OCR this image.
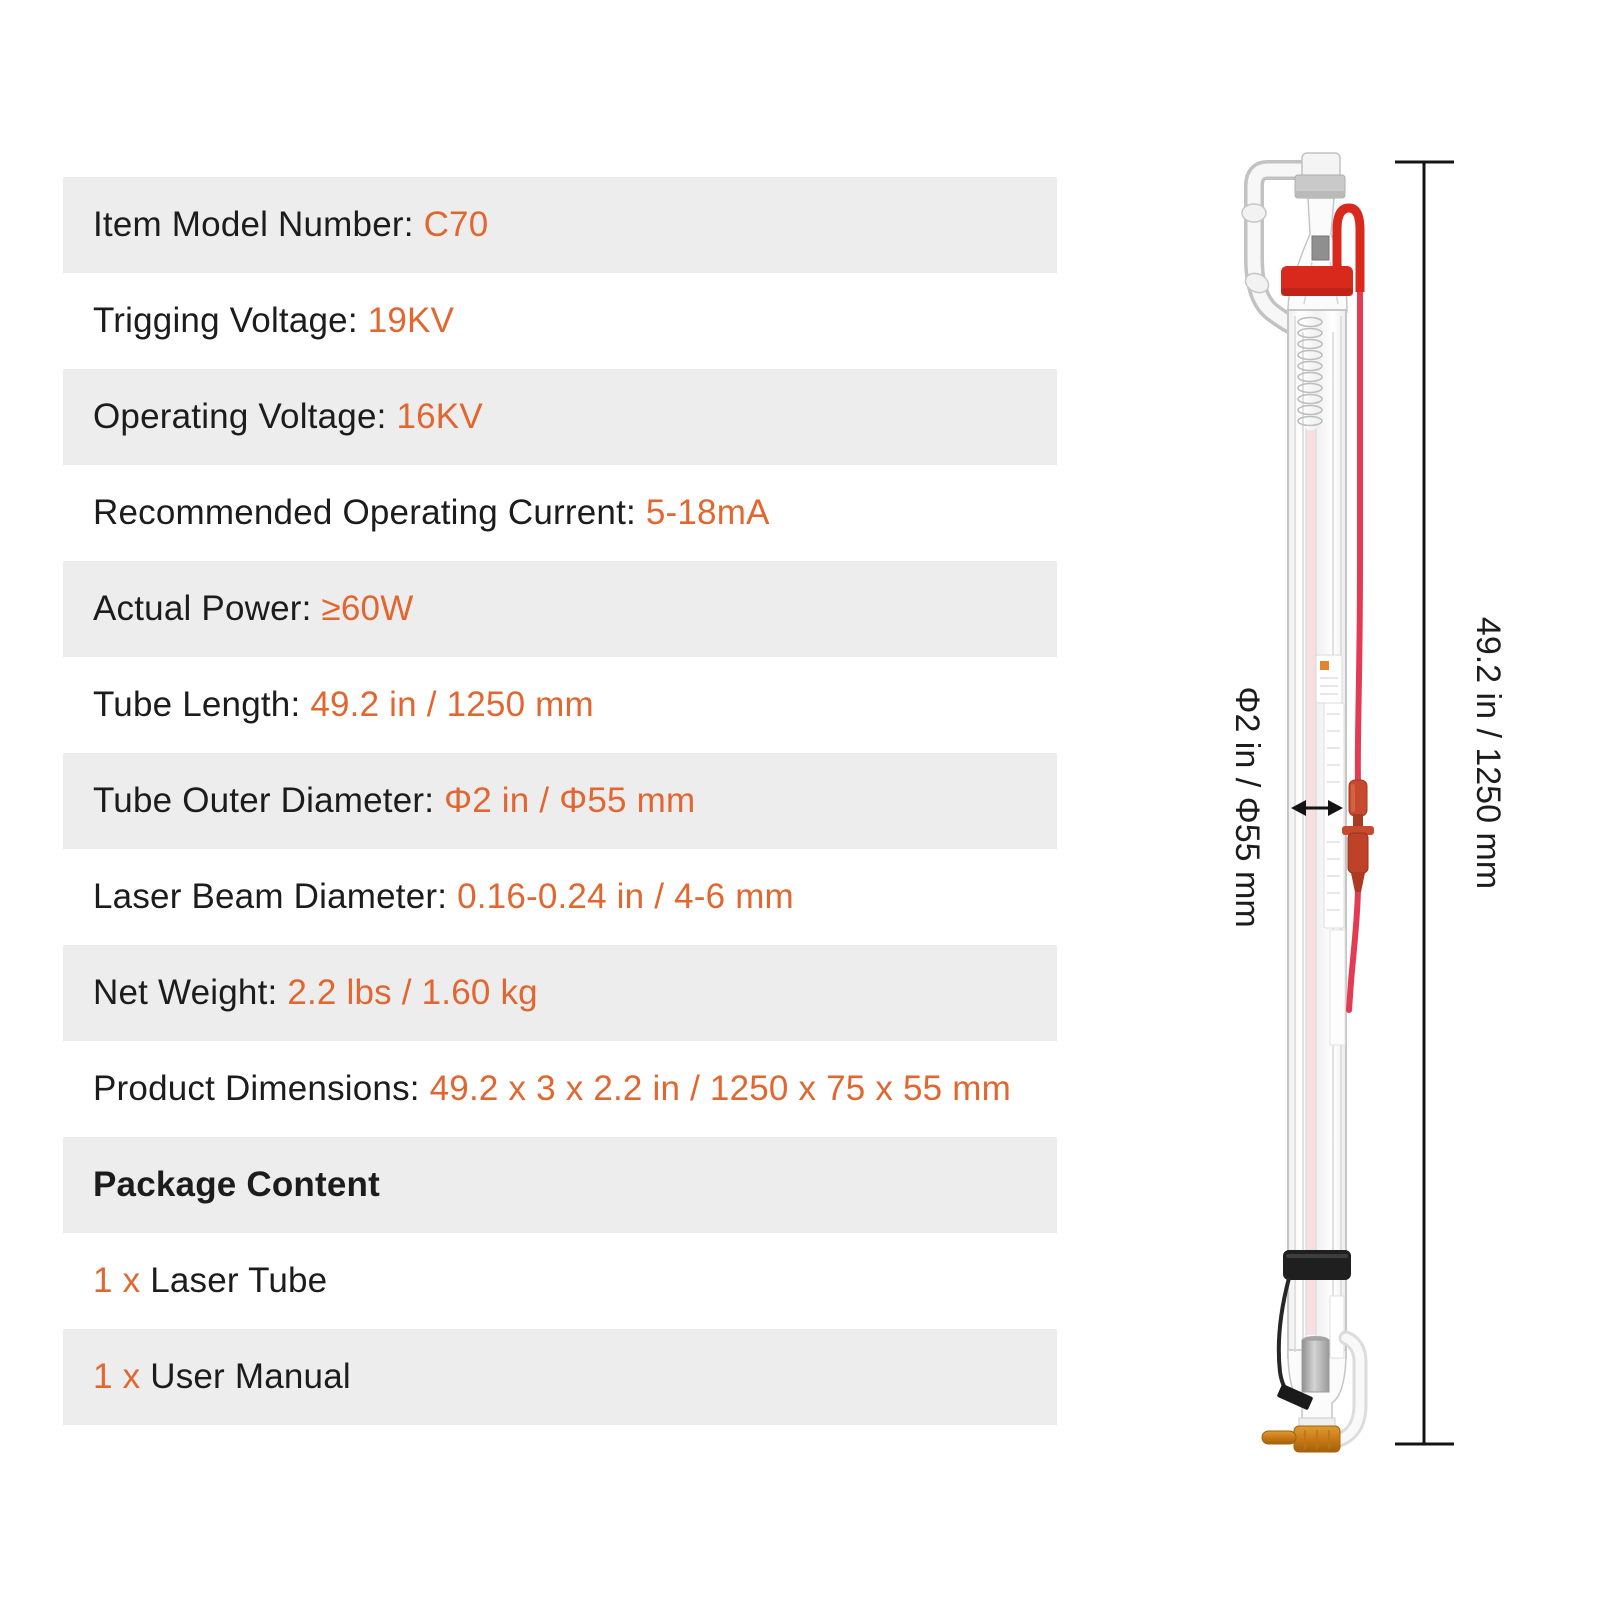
Item Model Number: C70
Trigging Voltage: 19KV
Operating Voltage: 16KV
Recommended Operating Current: 5-18mA
Actual Power: ≥60W
Tube Length: 49.2 in / 1250 mm
Tube Outer Diameter: Φ2 in / Φ55 mm
Laser Beam Diameter: 0.16-0.24 in / 4-6 mm
Net Weight: 2.2 lbs / 1.60 kg
Product Dimensions: 49.2 x 3 x 2.2 in / 1250 x 75 x 55 mm
Package Content
1 x Laser Tube
1 x User Manual
49.2 in / 1250 mm
Φ2 in / Φ55 mm
